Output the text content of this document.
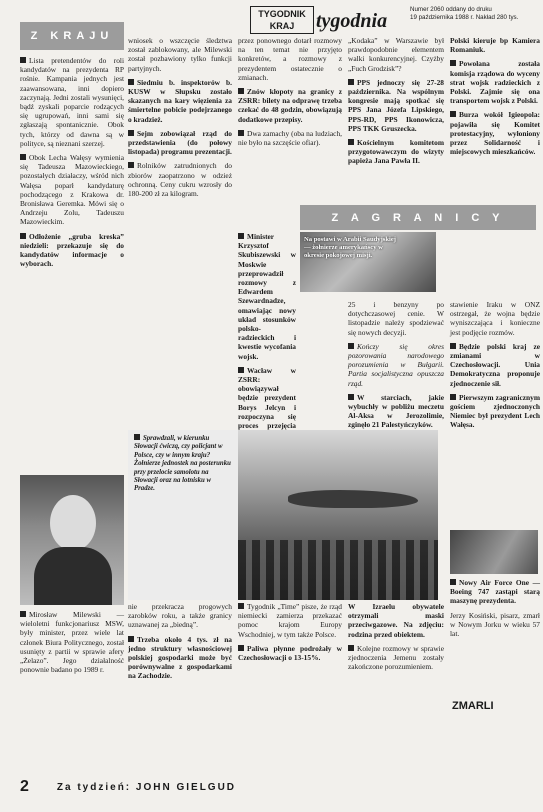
TYGODNIK KRAJ	tygodnia
Numer 2060 oddany do druku
19 października 1988 r. Nakład 280 tys.
Z KRAJU

Lista pretendentów do roli kandydatów na prezydenta RP rośnie. Kampania jednych jest zaawansowana, inni dopiero zaczynają. Jedni zostali wysunięci, bądź zyskali poparcie rodzących się ugrupowań, inni sami się zgłaszają spontanicznie. Obok tych, którzy od dawna są w polityce, są nieznani szerzej.

Obok Lecha Wałęsy wymienia się Tadeusza Mazowieckiego, pozostałych działaczy, wśród nich Wałęsa poparł kandydaturę pochodzącego z Krakowa dr. Bronisława Geremka. Mówi się o Andrzeju Zolu, Tadeuszu Mazowieckim.

Odłożenie „gruba kreska” niedzieli: przekazuje się do kandydatów informacje o wyborach.

wniosek o wszczęcie śledztwa został zablokowany, ale Milewski został pozbawiony tylko funkcji partyjnych.

Siedmiu b. inspektorów b. KUSW w Słupsku zostało skazanych na kary więzienia za śmiertelne pobicie podejrzanego o kradzież.

Sejm zobowiązał rząd do przedstawienia (do połowy listopada) programu prezentacji.

Rolników zatrudnionych do zbiorów zaopatrzono w odzież ochronną. Ceny cukru wzrosły do 180-200 zł za kilogram.

przez ponownego dotarł rozmowy na ten temat nie przyjęto konkretów, a rozmowy z prezydentem ostatecznie o zmianach.

Znów kłopoty na granicy z ZSRR: bilety na odprawę trzeba czekać do 48 godzin, obowiązują dodatkowe przepisy.

Dwa zamachy (oba na ludziach, nie było na szczęście ofiar).

„Kodaka” w Warszawie był prawdopodobnie elementem walki konkurencyjnej. Czyżby „Fuch Grodzisk”?

PPS jednoczy się 27-28 października. Na wspólnym kongresie mają spotkać się PPS Jana Józefa Lipskiego, PPS-RD, PPS Ikonowicza, PPS TKK Gruszecka.

Kościelnym komitetom przygotowawczym do wizyty papieża Jana Pawła II.

Polski kieruje bp Kamiera Romaniuk.

Powołana została komisja rządowa do wyceny strat wojsk radzieckich z Polski. Zajmie się ona transportem wojsk z Polski.

Burza wokół Igieopola: pojawiła się Komitet protestacyjny, wyłoniony przez Solidarność i miejscowych mieszkańców.

Z A G R A N I C Y
Na postawi w Arabii Saudyjskiej — żołnierze amerykańscy w okresie pokojowej misji.

25 i benzyny po dotychczasowej cenie. W listopadzie należy spodziewać się nowych decyzji.

Kończy się okres pozorowania narodowego porozumienia w Bułgarii. Partia socjalistyczna opuszcza rząd.

W starciach, jakie wybuchły w pobliżu meczetu Al-Aksa w Jerozolimie, zginęło 21 Palestyńczyków.

stawienie Iraku w ONZ ostrzegał, że wojna będzie wyniszczająca i konieczne jest podjęcie rozmów.

Będzie polski kraj ze zmianami w Czechosłowacji. Unia Demokratyczna proponuje zjednoczenie sił.

Pierwszym zagranicznym gościem zjednoczonych Niemiec był prezydent Lech Wałęsa.

Minister Krzysztof Skubiszewski w Moskwie przeprowadził rozmowy z Edwardem Szewardnadze, omawiając nowy układ stosunków polsko-radzieckich i kwestie wycofania wojsk.

Wacław w ZSRR: obowiązywał będzie prezydent Borys Jelcyn i rozpoczyna się proces przejęcia

Sprawdzali, w kierunku Słowacji ćwiczą, czy policjant w Polsce, czy w innym kraju? Żołnierze jednostek na posterunku przy przelocie samolotu na Słowacji oraz na lotnisku w Pradze.

Mirosław Milewski — wieloletni funkcjonariusz MSW, były minister, przez wiele lat członek Biura Politycznego, został usunięty z partii w sprawie afery „Żelazo”. Jego działalność ponownie badano po 1989 r.

nie przekracza progowych zarobków roku, a także granicy uznawanej za „biedną”.

Trzeba około 4 tys. zł na jedno struktury własnościowej polskiej gospodarki może być porównywalne z gospodarkami na Zachodzie.

Tygodnik „Time” pisze, że rząd niemiecki zamierza przekazać pomoc krajom Europy Wschodniej, w tym także Polsce.

Paliwa płynne podrożały w Czechosłowacji o 13-15%.

W Izraelu obywatele otrzymali maski przeciwgazowe. Na zdjęciu: rodzina przed obiektem.

Kolejne rozmowy w sprawie zjednoczenia Jemenu zostały zakończone porozumieniem.

Nowy Air Force One — Boeing 747 zastąpi starą maszynę prezydenta.

Jerzy Kosiński, pisarz, zmarł w Nowym Jorku w wieku 57 lat.

ZMARLI
2	Za tydzień: JOHN GIELGUD
